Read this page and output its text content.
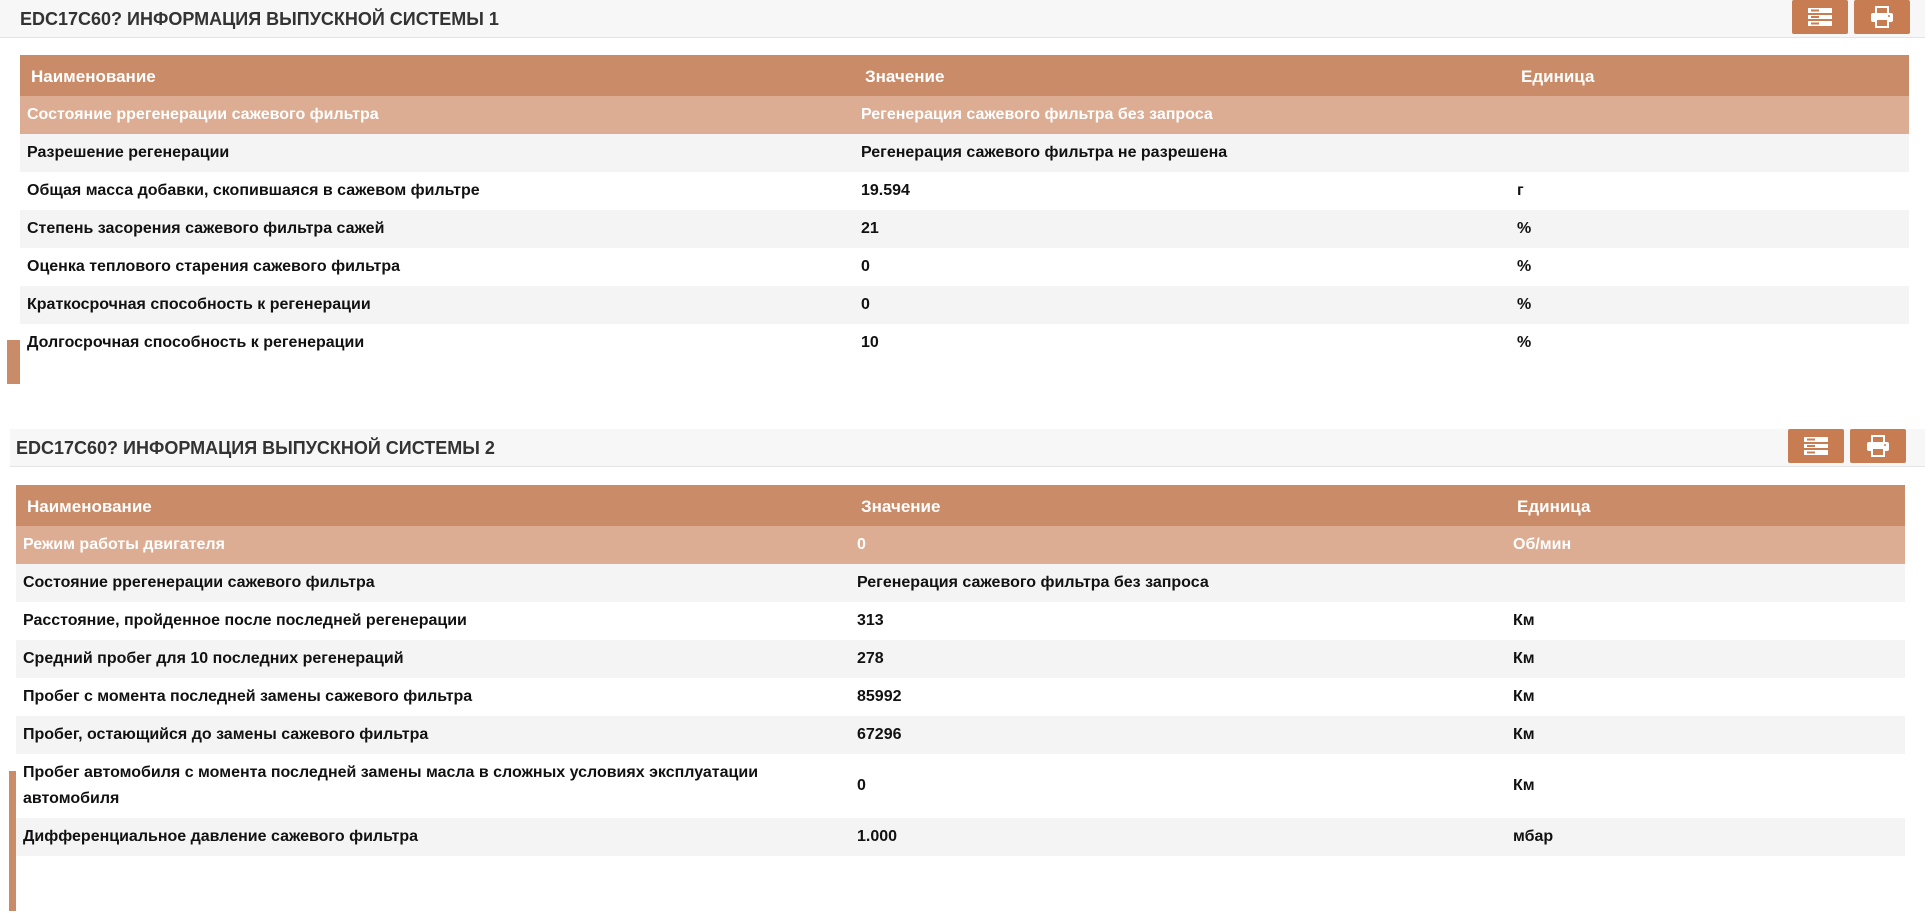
EDC17C60? ИНФОРМАЦИЯ ВЫПУСКНОЙ СИСТЕМЫ 1
Наименование	Значение	Единица
Состояние ррегенерации сажевого фильтра	Регенерация сажевого фильтра без запроса	
Разрешение регенерации	Регенерация сажевого фильтра не разрешена	
Общая масса добавки, скопившаяся в сажевом фильтре	19.594	г
Степень засорения сажевого фильтра сажей	21	%
Оценка теплового старения сажевого фильтра	0	%
Краткосрочная способность к регенерации	0	%
Долгосрочная способность к регенерации	10	%
EDC17C60? ИНФОРМАЦИЯ ВЫПУСКНОЙ СИСТЕМЫ 2
Наименование	Значение	Единица
Режим работы двигателя	0	Об/мин
Состояние ррегенерации сажевого фильтра	Регенерация сажевого фильтра без запроса	
Расстояние, пройденное после последней регенерации	313	Км
Средний пробег для 10 последних регенераций	278	Км
Пробег с момента последней замены сажевого фильтра	85992	Км
Пробег, остающийся до замены сажевого фильтра	67296	Км
Пробег автомобиля с момента последней замены масла в сложных условиях эксплуатации автомобиля	0	Км
Дифференциальное давление сажевого фильтра	1.000	мбар
